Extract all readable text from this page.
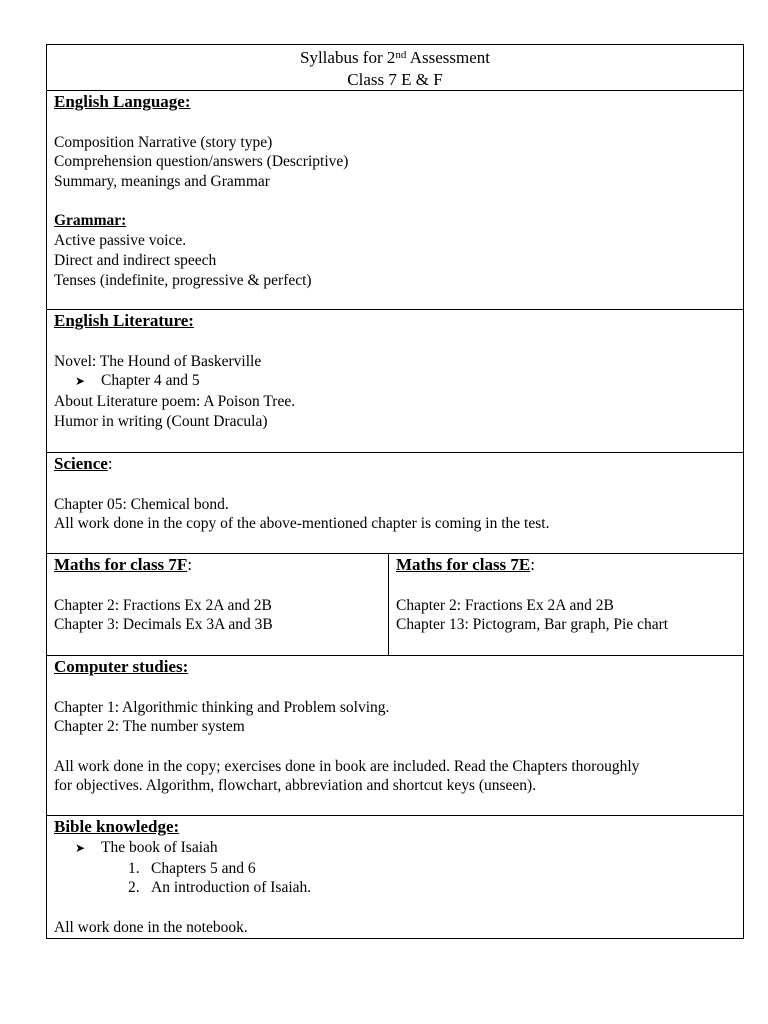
Syllabus for 2nd Assessment
Class 7 E & F
English Language:
Composition Narrative (story type)
Comprehension question/answers (Descriptive)
Summary, meanings and Grammar
Grammar:
Active passive voice.
Direct and indirect speech
Tenses (indefinite, progressive & perfect)
English Literature:
Novel: The Hound of Baskerville
➤ Chapter 4 and 5
About Literature poem: A Poison Tree.
Humor in writing (Count Dracula)
Science:
Chapter 05: Chemical bond.
All work done in the copy of the above-mentioned chapter is coming in the test.
Maths for class 7F:
Chapter 2: Fractions Ex 2A and 2B
Chapter 3: Decimals Ex 3A and 3B
Maths for class 7E:
Chapter 2: Fractions Ex 2A and 2B
Chapter 13: Pictogram, Bar graph, Pie chart
Computer studies:
Chapter 1: Algorithmic thinking and Problem solving.
Chapter 2: The number system
All work done in the copy; exercises done in book are included. Read the Chapters thoroughly
for objectives. Algorithm, flowchart, abbreviation and shortcut keys (unseen).
Bible knowledge:
➤ The book of Isaiah
1. Chapters 5 and 6
2. An introduction of Isaiah.
All work done in the notebook.
